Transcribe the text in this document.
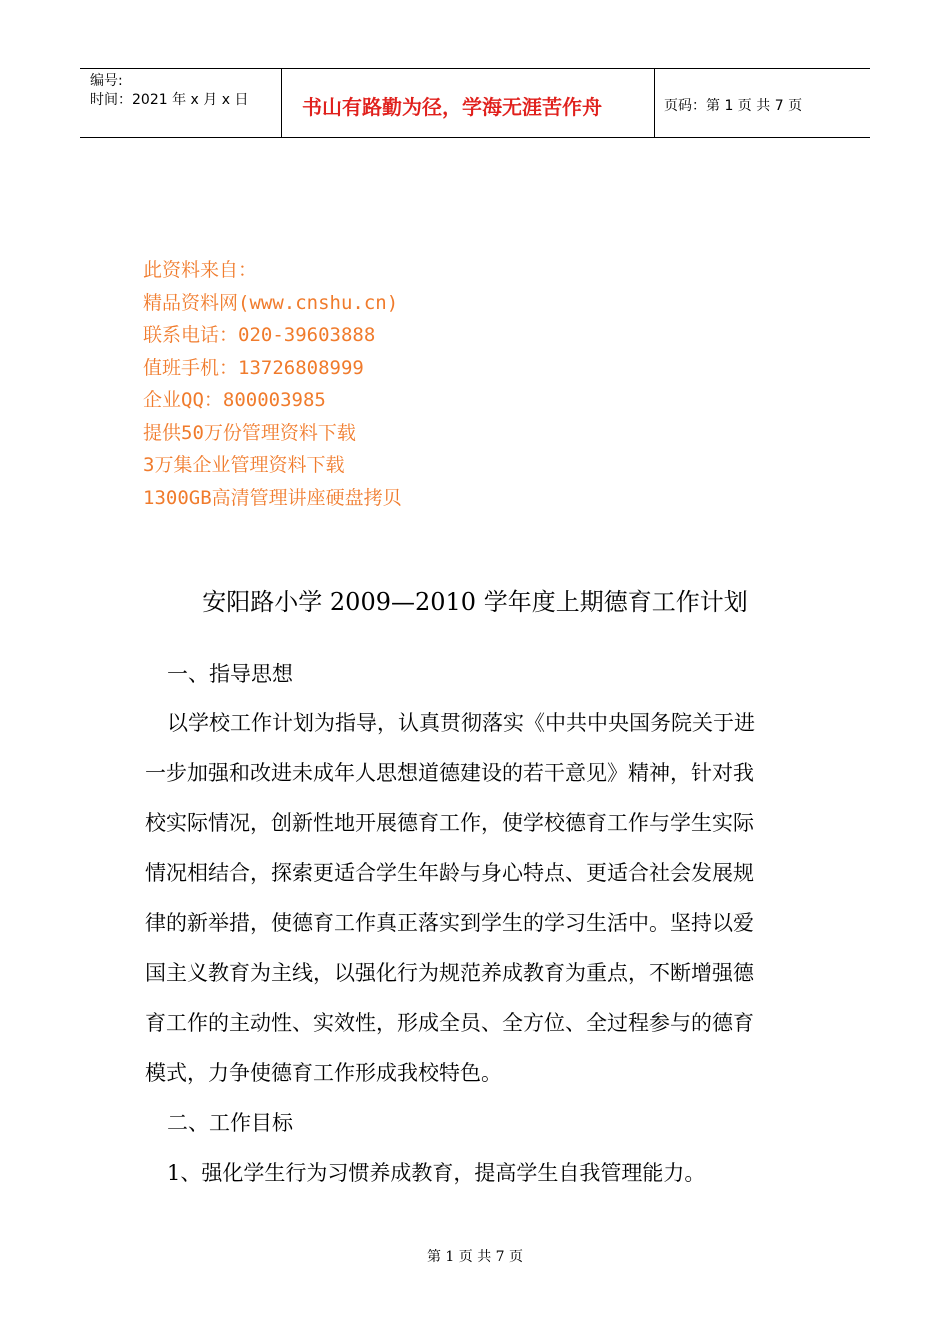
编号:
时间：2021 年 x 月 x 日	书山有路勤为径，学海无涯苦作舟	页码：第 1 页 共 7 页
此资料来自：
精品资料网(www.cnshu.cn)
联系电话：020-39603888
值班手机：13726808999
企业QQ：800003985
提供50万份管理资料下载
3万集企业管理资料下载
1300GB高清管理讲座硬盘拷贝
安阳路小学 2009—2010 学年度上期德育工作计划
一、指导思想
以学校工作计划为指导，认真贯彻落实《中共中央国务院关于进
一步加强和改进未成年人思想道德建设的若干意见》精神，针对我
校实际情况，创新性地开展德育工作，使学校德育工作与学生实际
情况相结合，探索更适合学生年龄与身心特点、更适合社会发展规
律的新举措，使德育工作真正落实到学生的学习生活中。坚持以爱
国主义教育为主线，以强化行为规范养成教育为重点，不断增强德
育工作的主动性、实效性，形成全员、全方位、全过程参与的德育
模式，力争使德育工作形成我校特色。
二、工作目标
1、强化学生行为习惯养成教育，提高学生自我管理能力。
第 1 页 共 7 页
